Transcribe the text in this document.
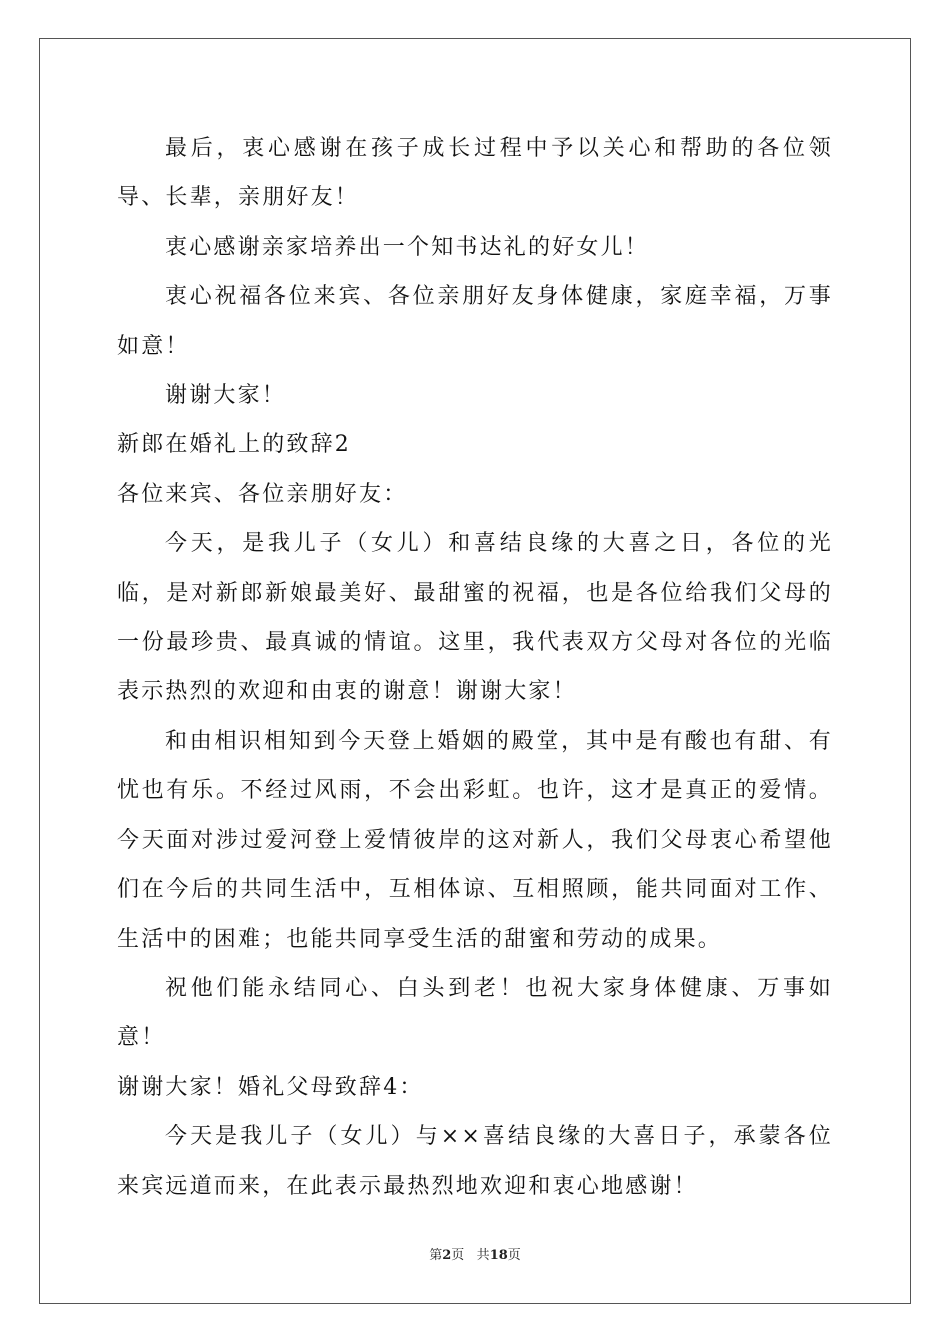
最后，衷心感谢在孩子成长过程中予以关心和帮助的各位领导、长辈，亲朋好友！

衷心感谢亲家培养出一个知书达礼的好女儿！

衷心祝福各位来宾、各位亲朋好友身体健康，家庭幸福，万事如意！

谢谢大家！

新郎在婚礼上的致辞2

各位来宾、各位亲朋好友：

今天，是我儿子（女儿）和喜结良缘的大喜之日，各位的光临，是对新郎新娘最美好、最甜蜜的祝福，也是各位给我们父母的一份最珍贵、最真诚的情谊。这里，我代表双方父母对各位的光临表示热烈的欢迎和由衷的谢意！谢谢大家！

和由相识相知到今天登上婚姻的殿堂，其中是有酸也有甜、有忧也有乐。不经过风雨，不会出彩虹。也许，这才是真正的爱情。今天面对涉过爱河登上爱情彼岸的这对新人，我们父母衷心希望他们在今后的共同生活中，互相体谅、互相照顾，能共同面对工作、生活中的困难；也能共同享受生活的甜蜜和劳动的成果。

祝他们能永结同心、白头到老！也祝大家身体健康、万事如意！

谢谢大家！婚礼父母致辞4：

今天是我儿子（女儿）与××喜结良缘的大喜日子，承蒙各位来宾远道而来，在此表示最热烈地欢迎和衷心地感谢！

第2页 共18页
